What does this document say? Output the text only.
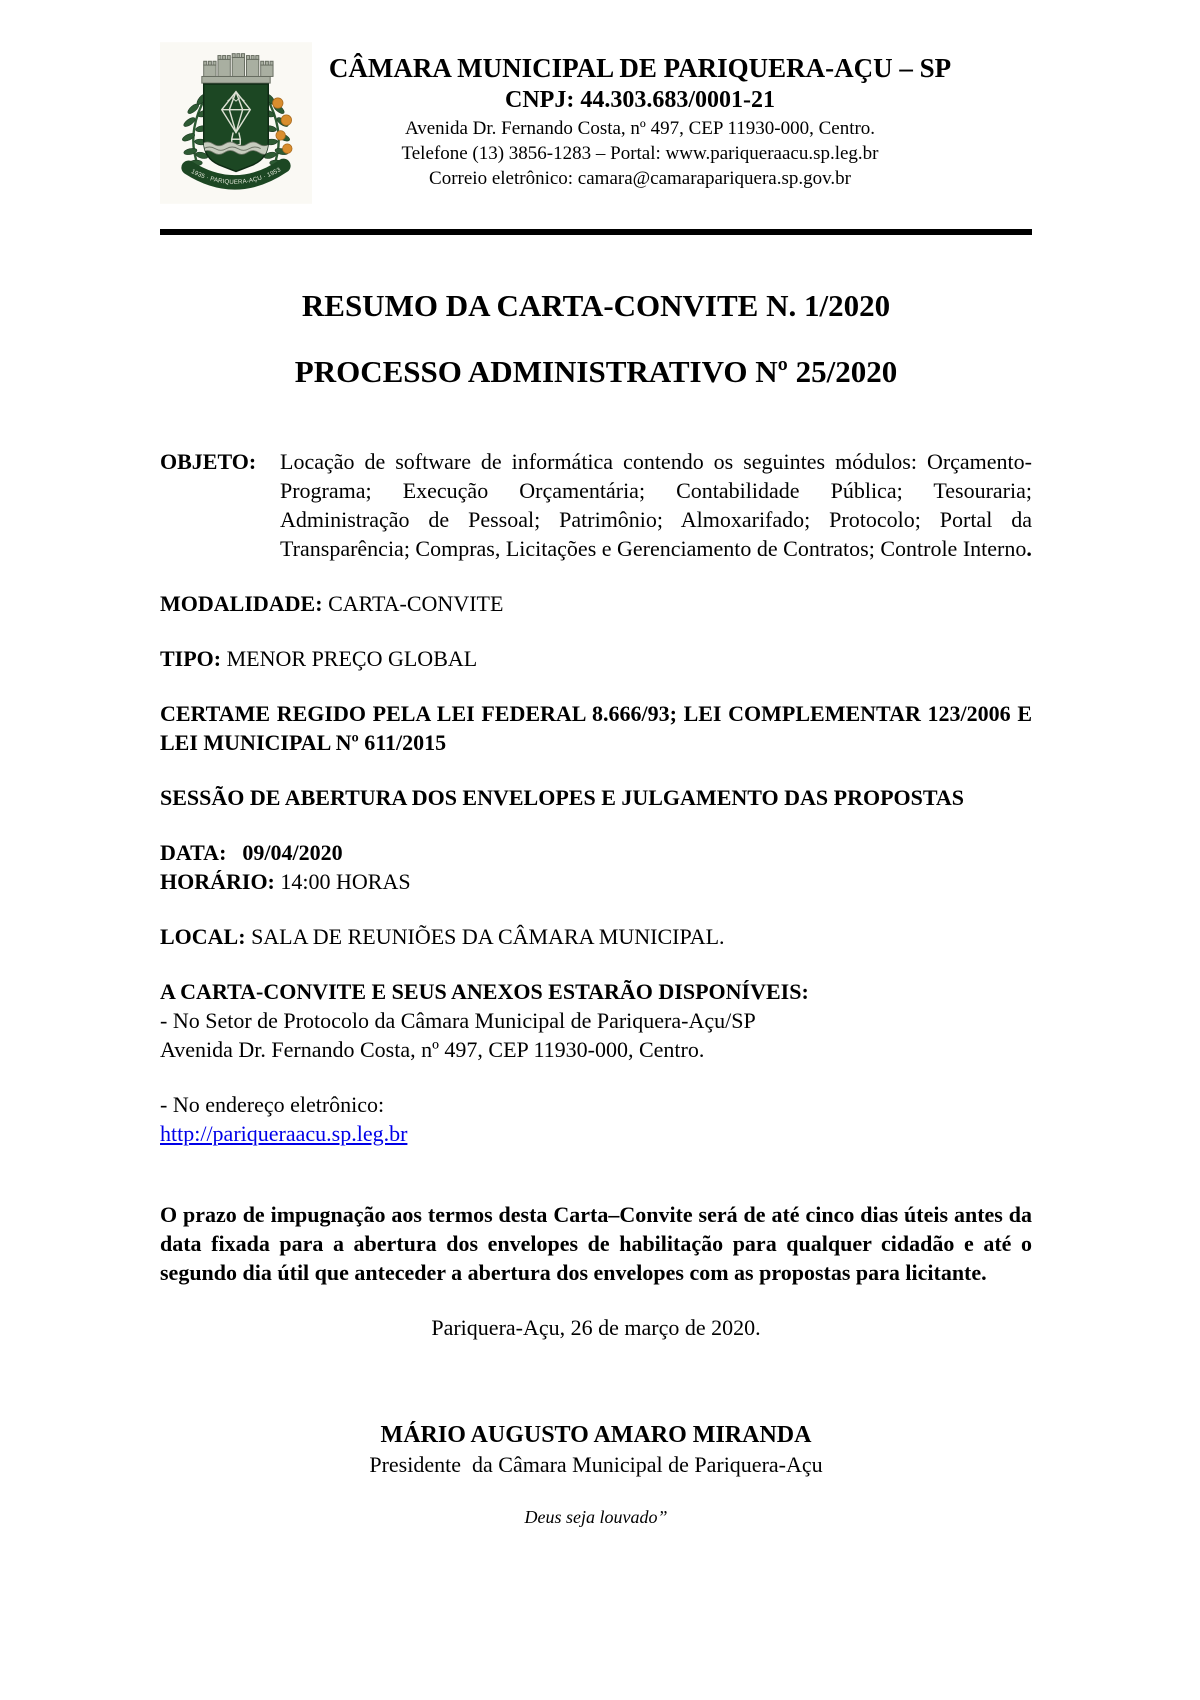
1935 · PARIQUERA-AÇU · 1953
CÂMARA MUNICIPAL DE PARIQUERA-AÇU – SP
CNPJ: 44.303.683/0001-21
Avenida Dr. Fernando Costa, nº 497, CEP 11930-000, Centro.
Telefone (13) 3856-1283 – Portal: www.pariqueraacu.sp.leg.br
Correio eletrônico: camara@camarapariquera.sp.gov.br
RESUMO DA CARTA-CONVITE N. 1/2020
PROCESSO ADMINISTRATIVO Nº 25/2020
OBJETO:	Locação de software de informática contendo os seguintes módulos: Orçamento-Programa; Execução Orçamentária; Contabilidade Pública; Tesouraria; Administração de Pessoal; Patrimônio; Almoxarifado; Protocolo; Portal da Transparência; Compras, Licitações e Gerenciamento de Contratos; Controle Interno.

MODALIDADE: CARTA-CONVITE

TIPO: MENOR PREÇO GLOBAL

CERTAME REGIDO PELA LEI FEDERAL 8.666/93; LEI COMPLEMENTAR 123/2006 E LEI MUNICIPAL Nº 611/2015

SESSÃO DE ABERTURA DOS ENVELOPES E JULGAMENTO DAS PROPOSTAS

DATA: 09/04/2020
HORÁRIO: 14:00 HORAS

LOCAL: SALA DE REUNIÕES DA CÂMARA MUNICIPAL.

A CARTA-CONVITE E SEUS ANEXOS ESTARÃO DISPONÍVEIS:
- No Setor de Protocolo da Câmara Municipal de Pariquera-Açu/SP
Avenida Dr. Fernando Costa, nº 497, CEP 11930-000, Centro.
- No endereço eletrônico:
http://pariqueraacu.sp.leg.br

O prazo de impugnação aos termos desta Carta–Convite será de até cinco dias úteis antes da data fixada para a abertura dos envelopes de habilitação para qualquer cidadão e até o segundo dia útil que anteceder a abertura dos envelopes com as propostas para licitante.

Pariquera-Açu, 26 de março de 2020.

MÁRIO AUGUSTO AMARO MIRANDA
Presidente  da Câmara Municipal de Pariquera-Açu
Deus seja louvado”
